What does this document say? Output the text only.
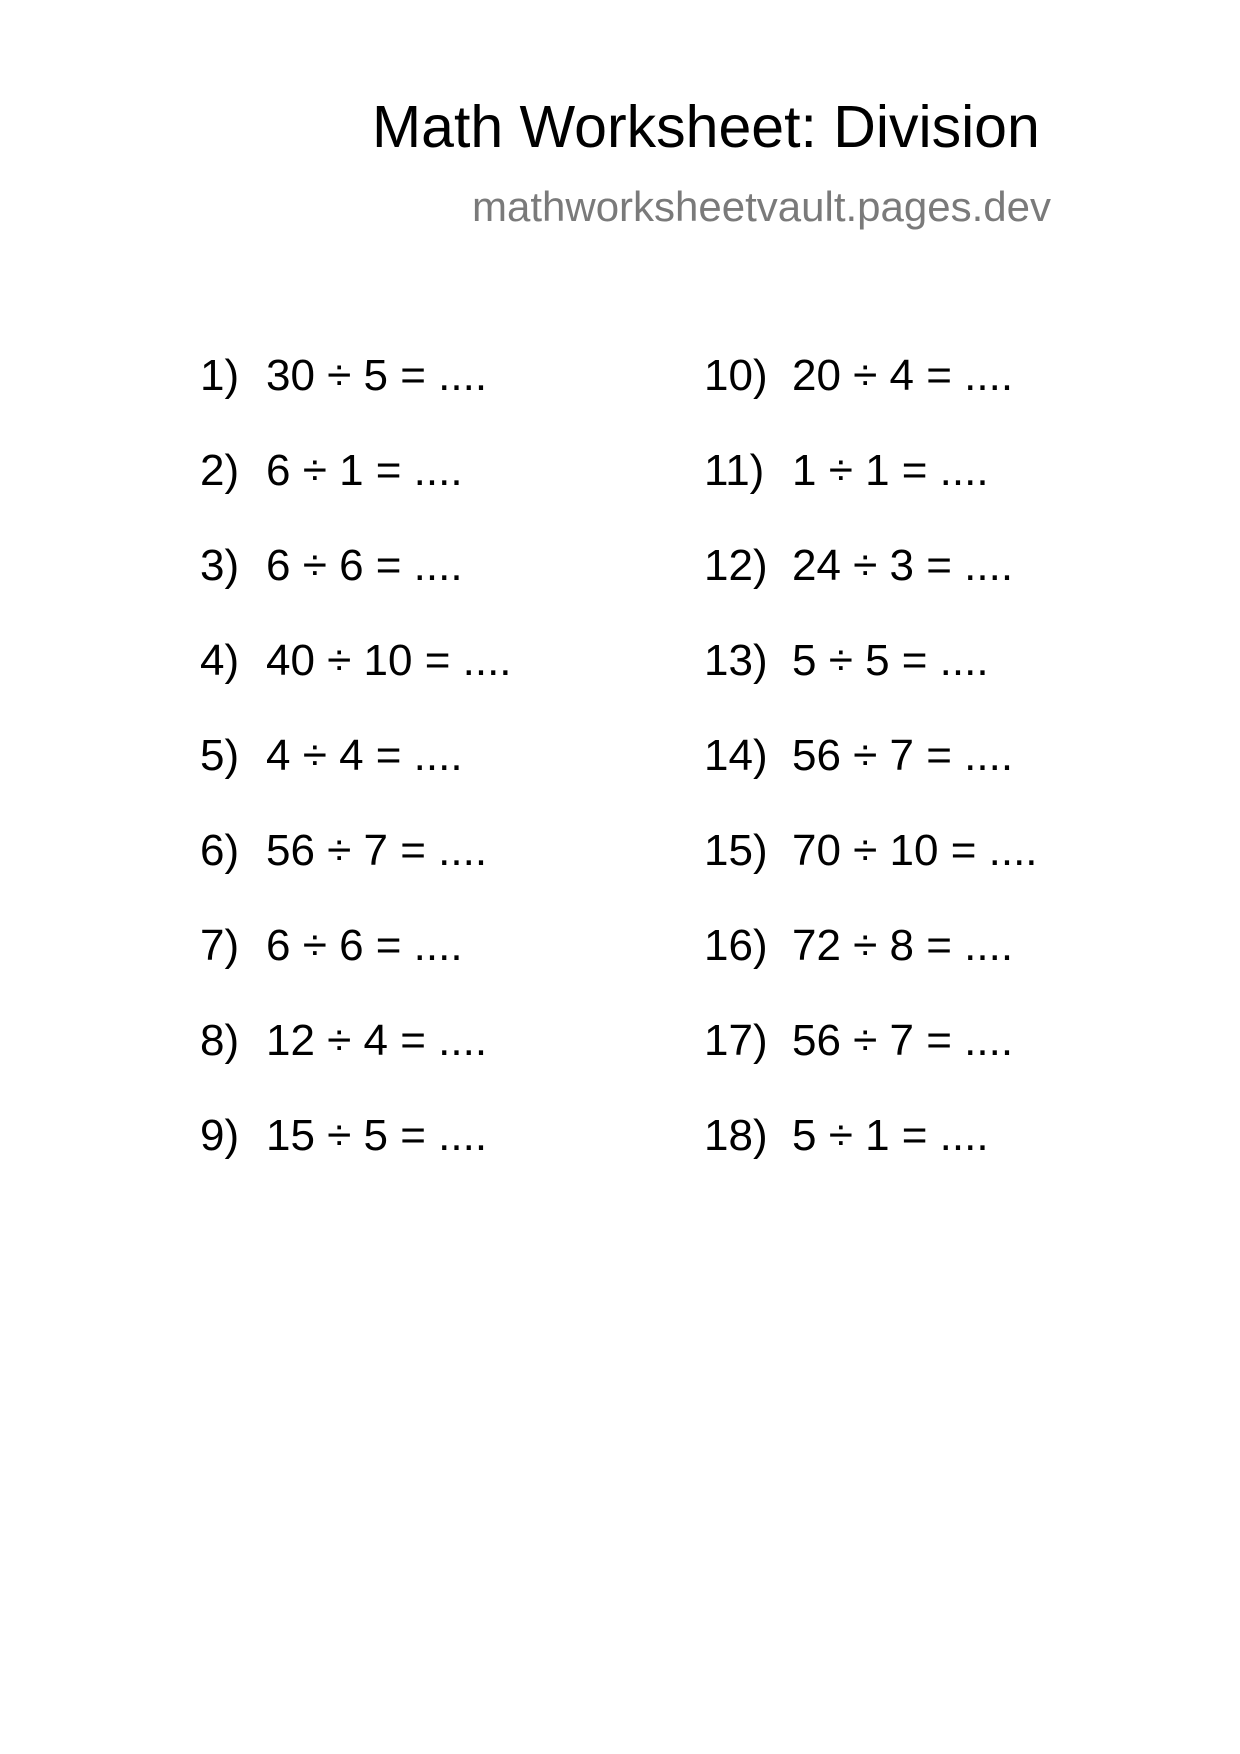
Math Worksheet: Division
mathworksheetvault.pages.dev
1) 30 ÷ 5 = ....
2) 6 ÷ 1 = ....
3) 6 ÷ 6 = ....
4) 40 ÷ 10 = ....
5) 4 ÷ 4 = ....
6) 56 ÷ 7 = ....
7) 6 ÷ 6 = ....
8) 12 ÷ 4 = ....
9) 15 ÷ 5 = ....
10) 20 ÷ 4 = ....
11) 1 ÷ 1 = ....
12) 24 ÷ 3 = ....
13) 5 ÷ 5 = ....
14) 56 ÷ 7 = ....
15) 70 ÷ 10 = ....
16) 72 ÷ 8 = ....
17) 56 ÷ 7 = ....
18) 5 ÷ 1 = ....
